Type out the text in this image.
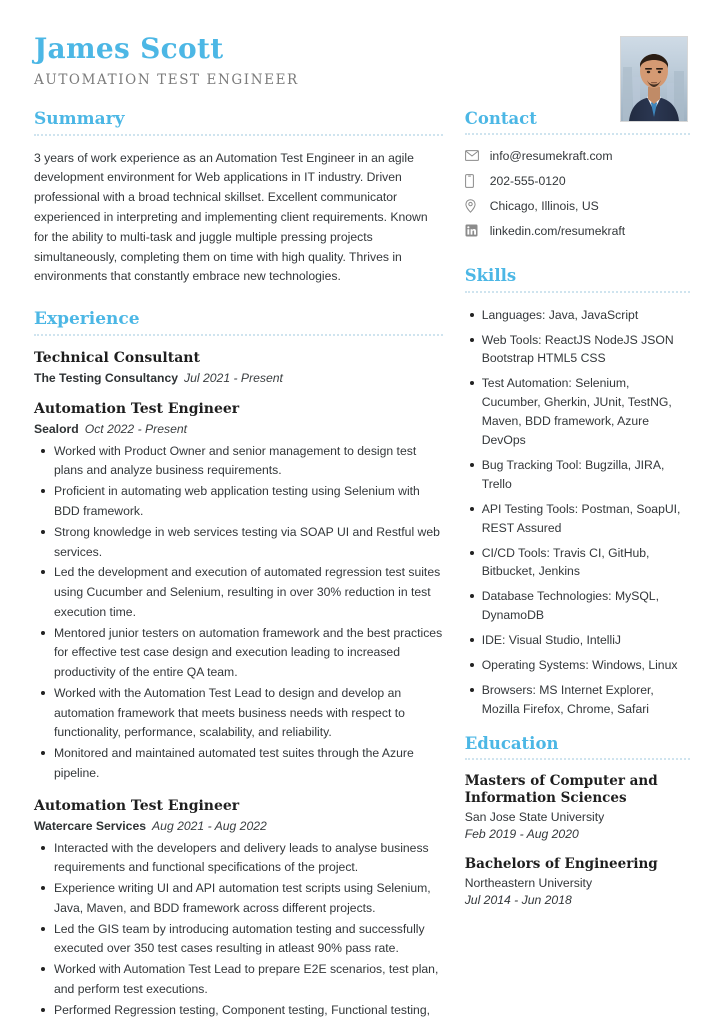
James Scott
AUTOMATION TEST ENGINEER
Summary

3 years of work experience as an Automation Test Engineer in an agile development environment for Web applications in IT industry. Driven professional with a broad technical skillset. Excellent communicator experienced in interpreting and implementing client requirements. Known for the ability to multi-task and juggle multiple pressing projects simultaneously, completing them on time with high quality. Thrives in environments that constantly embrace new technologies.

Experience
Technical Consultant
The Testing Consultancy Jul 2021 - Present
Automation Test Engineer
Sealord Oct 2022 - Present
Worked with Product Owner and senior management to design test plans and analyze business requirements.
Proficient in automating web application testing using Selenium with BDD framework.
Strong knowledge in web services testing via SOAP UI and Restful web services.
Led the development and execution of automated regression test suites using Cucumber and Selenium, resulting in over 30% reduction in test execution time.
Mentored junior testers on automation framework and the best practices for effective test case design and execution leading to increased productivity of the entire QA team.
Worked with the Automation Test Lead to design and develop an automation framework that meets business needs with respect to functionality, performance, scalability, and reliability.
Monitored and maintained automated test suites through the Azure pipeline.
Automation Test Engineer
Watercare Services Aug 2021 - Aug 2022
Interacted with the developers and delivery leads to analyse business requirements and functional specifications of the project.
Experience writing UI and API automation test scripts using Selenium, Java, Maven, and BDD framework across different projects.
Led the GIS team by introducing automation testing and successfully executed over 350 test cases resulting in atleast 90% pass rate.
Worked with Automation Test Lead to prepare E2E scenarios, test plan, and perform test executions.
Performed Regression testing, Component testing, Functional testing,
Contact
info@resumekraft.com
202-555-0120
Chicago, Illinois, US
linkedin.com/resumekraft
Skills
Languages: Java, JavaScript
Web Tools: ReactJS NodeJS JSON Bootstrap HTML5 CSS
Test Automation: Selenium, Cucumber, Gherkin, JUnit, TestNG, Maven, BDD framework, Azure DevOps
Bug Tracking Tool: Bugzilla, JIRA, Trello
API Testing Tools: Postman, SoapUI, REST Assured
CI/CD Tools: Travis CI, GitHub, Bitbucket, Jenkins
Database Technologies: MySQL, DynamoDB
IDE: Visual Studio, IntelliJ
Operating Systems: Windows, Linux
Browsers: MS Internet Explorer, Mozilla Firefox, Chrome, Safari
Education
Masters of Computer and Information Sciences
San Jose State University
Feb 2019 - Aug 2020
Bachelors of Engineering
Northeastern University
Jul 2014 - Jun 2018
